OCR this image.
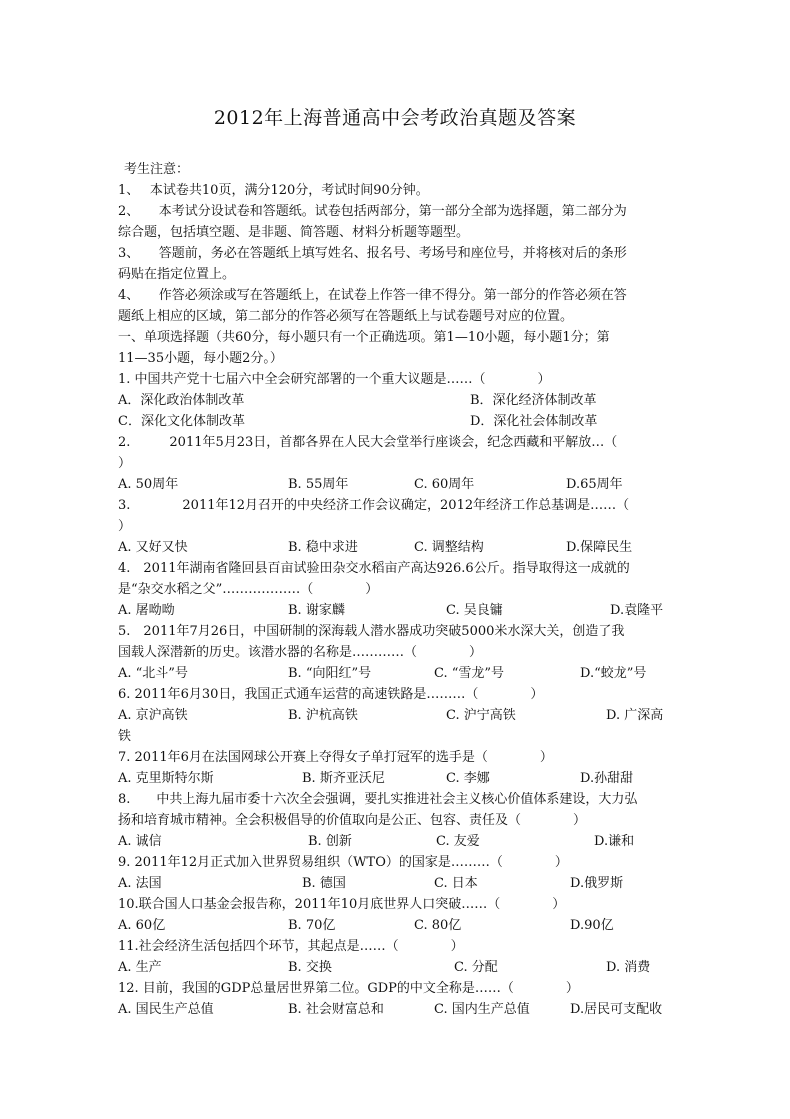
2012年上海普通高中会考政治真题及答案
考生注意：
1、　 本试卷共10页，满分120分，考试时间90分钟。
2、　　本考试分设试卷和答题纸。试卷包括两部分，第一部分全部为选择题，第二部分为
综合题，包括填空题、是非题、简答题、材料分析题等题型。
3、　　答题前，务必在答题纸上填写姓名、报名号、考场号和座位号，并将核对后的条形
码贴在指定位置上。
4、　　作答必须涂或写在答题纸上，在试卷上作答一律不得分。第一部分的作答必须在答
题纸上相应的区域，第二部分的作答必须写在答题纸上与试卷题号对应的位置。
一、单项选择题（共60分，每小题只有一个正确选项。第1—10小题，每小题1分；第
11—35小题，每小题2分。）
1. 中国共产党十七届六中全会研究部署的一个重大议题是……（　　　　）
A．深化政治体制改革	B．深化经济体制改革
C．深化文化体制改革	D．深化社会体制改革
2.　　　2011年5月23日，首都各界在人民大会堂举行座谈会，纪念西藏和平解放…（
）
A. 50周年	B. 55周年	C. 60周年	D.65周年
3.　　　　2011年12月召开的中央经济工作会议确定，2012年经济工作总基调是……（
）
A. 又好又快	B. 稳中求进	C. 调整结构	D.保障民生
4.　2011年湖南省隆回县百亩试验田杂交水稻亩产高达926.6公斤。指导取得这一成就的
是“杂交水稻之父”………………（　　　　）
A. 屠呦呦	B. 谢家麟	C. 吴良镛	D.袁隆平
5.　2011年7月26日，中国研制的深海载人潜水器成功突破5000米水深大关，创造了我
国载人深潜新的历史。该潜水器的名称是…………（　　　　）
A. “北斗”号	B. “向阳红”号	C. “雪龙”号	D.“蛟龙”号
6. 2011年6月30日，我国正式通车运营的高速铁路是………（　　　　）
A. 京沪高铁	B. 沪杭高铁	C. 沪宁高铁	D. 广深高
铁
7. 2011年6月在法国网球公开赛上夺得女子单打冠军的选手是（　　　　）
A. 克里斯特尔斯	B. 斯齐亚沃尼	C. 李娜	D.孙甜甜
8.　　中共上海九届市委十六次全会强调，要扎实推进社会主义核心价值体系建设，大力弘
扬和培育城市精神。全会积极倡导的价值取向是公正、包容、责任及（　　　　）
A. 诚信	B. 创新	C. 友爱	D.谦和
9. 2011年12月正式加入世界贸易组织（WTO）的国家是………（　　　　）
A. 法国	B. 德国	C. 日本	D.俄罗斯
10.联合国人口基金会报告称，2011年10月底世界人口突破……（　　　　）
A. 60亿	B. 70亿	C. 80亿	D.90亿
11.社会经济生活包括四个环节，其起点是……（　　　　）
A. 生产	B. 交换	C. 分配	D. 消费
12. 目前，我国的GDP总量居世界第二位。GDP的中文全称是……（　　　　）
A. 国民生产总值	B. 社会财富总和	C. 国内生产总值	D.居民可支配收
